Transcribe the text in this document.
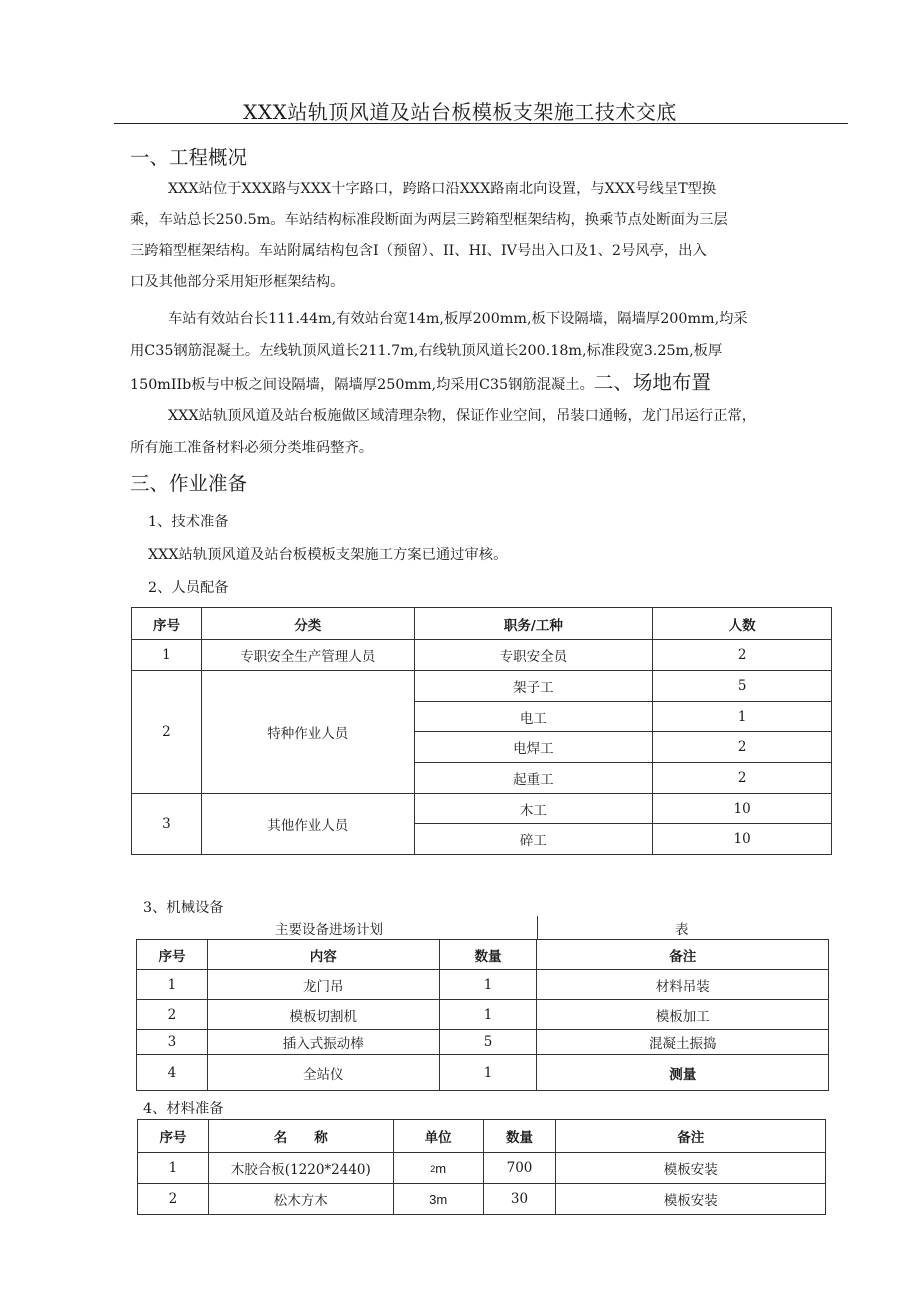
XXX站轨顶风道及站台板模板支架施工技术交底
一、工程概况
XXX站位于XXX路与XXX十字路口，跨路口沿XXX路南北向设置，与XXX号线呈T型换
乘，车站总长250.5m。车站结构标准段断面为两层三跨箱型框架结构，换乘节点处断面为三层
三跨箱型框架结构。车站附属结构包含I（预留）、II、HI、IV号出入口及1、2号风亭，出入
口及其他部分采用矩形框架结构。
车站有效站台长111.44m,有效站台宽14m,板厚200mm,板下设隔墙，隔墙厚200mm,均采
用C35钢筋混凝土。左线轨顶风道长211.7m,右线轨顶风道长200.18m,标准段宽3.25m,板厚
150mIIb板与中板之间设隔墙，隔墙厚250mm,均采用C35钢筋混凝土。二、场地布置
XXX站轨顶风道及站台板施做区域清理杂物，保证作业空间，吊装口通畅，龙门吊运行正常，
所有施工准备材料必须分类堆码整齐。
三、作业准备
1、技术准备
XXX站轨顶风道及站台板模板支架施工方案已通过审核。
2、人员配备
序号	分类	职务/工种	人数
1	专职安全生产管理人员	专职安全员	2
2	特种作业人员	架子工	5
		电工	1
		电焊工	2
		起重工	2
3	其他作业人员	木工	10
		碎工	10
3、机械设备
主要设备进场计划	表
序号	内容	数量	备注
1	龙门吊	1	材料吊装
2	模板切割机	1	模板加工
3	插入式振动棒	5	混凝土振捣
4	全站仪	1	测量
4、材料准备
序号	名　　称	单位	数量	备注
1	木胶合板(1220*2440)	2m	700	模板安装
2	松木方木	3m	30	模板安装
